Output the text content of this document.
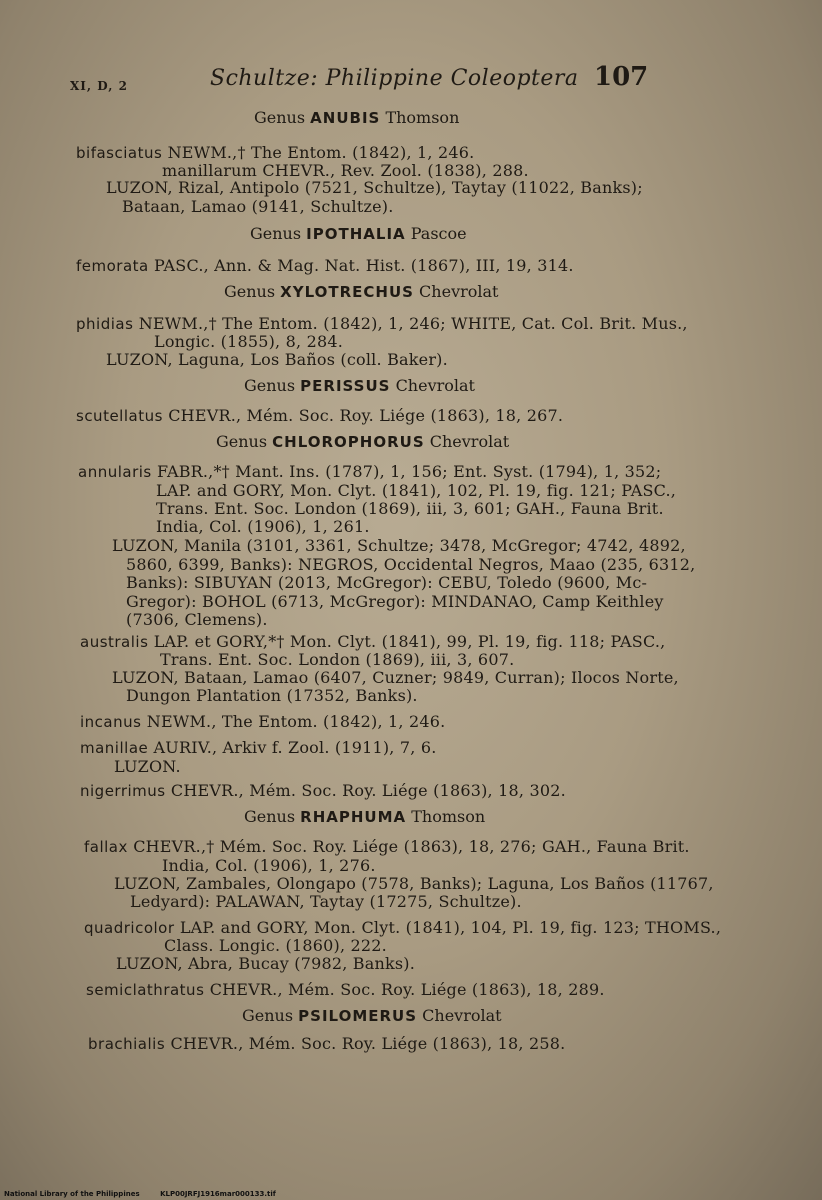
XI, D, 2	Schultze: Philippine Coleoptera 107
Genus ANUBIS Thomson
bifasciatus NEWM.,† The Entom. (1842), 1, 246.
manillarum CHEVR., Rev. Zool. (1838), 288.
LUZON, Rizal, Antipolo (7521, Schultze), Taytay (11022, Banks);
Bataan, Lamao (9141, Schultze).
Genus IPOTHALIA Pascoe
femorata PASC., Ann. & Mag. Nat. Hist. (1867), III, 19, 314.
Genus XYLOTRECHUS Chevrolat
phidias NEWM.,† The Entom. (1842), 1, 246; WHITE, Cat. Col. Brit. Mus.,
Longic. (1855), 8, 284.
LUZON, Laguna, Los Baños (coll. Baker).
Genus PERISSUS Chevrolat
scutellatus CHEVR., Mém. Soc. Roy. Liége (1863), 18, 267.
Genus CHLOROPHORUS Chevrolat
annularis FABR.,*† Mant. Ins. (1787), 1, 156; Ent. Syst. (1794), 1, 352;
LAP. and GORY, Mon. Clyt. (1841), 102, Pl. 19, fig. 121; PASC.,
Trans. Ent. Soc. London (1869), iii, 3, 601; GAH., Fauna Brit.
India, Col. (1906), 1, 261.
LUZON, Manila (3101, 3361, Schultze; 3478, McGregor; 4742, 4892,
5860, 6399, Banks): NEGROS, Occidental Negros, Maao (235, 6312,
Banks): SIBUYAN (2013, McGregor): CEBU, Toledo (9600, Mc-
Gregor): BOHOL (6713, McGregor): MINDANAO, Camp Keithley
(7306, Clemens).
australis LAP. et GORY,*† Mon. Clyt. (1841), 99, Pl. 19, fig. 118; PASC.,
Trans. Ent. Soc. London (1869), iii, 3, 607.
LUZON, Bataan, Lamao (6407, Cuzner; 9849, Curran); Ilocos Norte,
Dungon Plantation (17352, Banks).
incanus NEWM., The Entom. (1842), 1, 246.
manillae AURIV., Arkiv f. Zool. (1911), 7, 6.
LUZON.
nigerrimus CHEVR., Mém. Soc. Roy. Liége (1863), 18, 302.
Genus RHAPHUMA Thomson
fallax CHEVR.,† Mém. Soc. Roy. Liége (1863), 18, 276; GAH., Fauna Brit.
India, Col. (1906), 1, 276.
LUZON, Zambales, Olongapo (7578, Banks); Laguna, Los Baños (11767,
Ledyard): PALAWAN, Taytay (17275, Schultze).
quadricolor LAP. and GORY, Mon. Clyt. (1841), 104, Pl. 19, fig. 123; THOMS.,
Class. Longic. (1860), 222.
LUZON, Abra, Bucay (7982, Banks).
semiclathratus CHEVR., Mém. Soc. Roy. Liége (1863), 18, 289.
Genus PSILOMERUS Chevrolat
brachialis CHEVR., Mém. Soc. Roy. Liége (1863), 18, 258.
National Library of the Philippines	KLP00JRFJ1916mar000133.tif
